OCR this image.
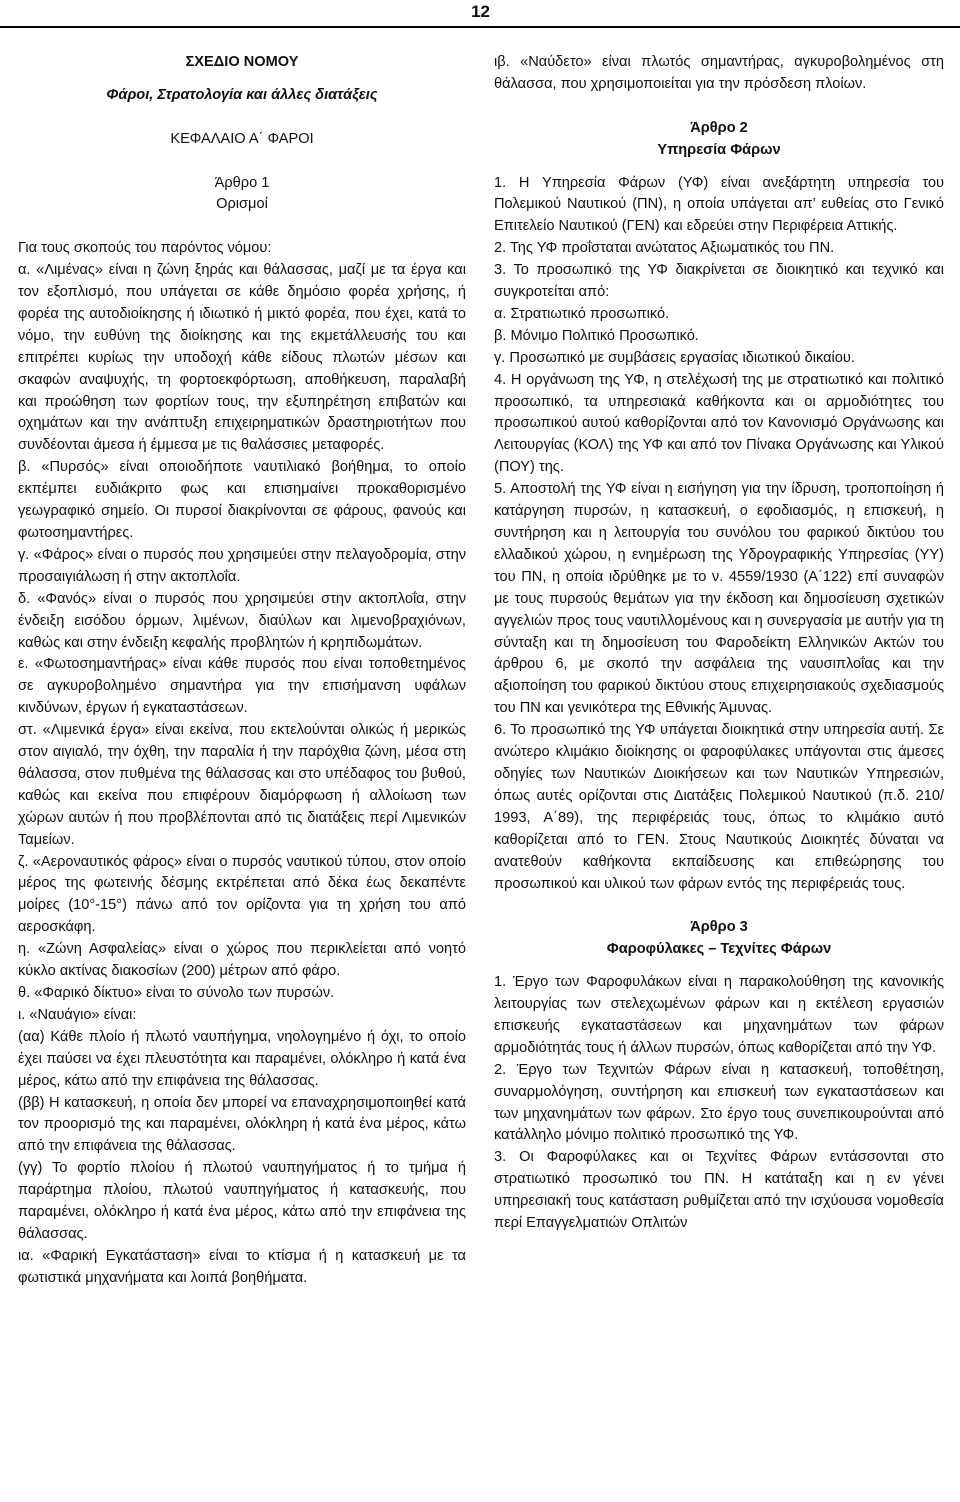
12

ΣΧΕΔΙΟ ΝΟΜΟΥ

Φάροι, Στρατολογία και άλλες διατάξεις

ΚΕΦΑΛΑΙΟ Α΄ ΦΑΡΟΙ

Άρθρο 1

Ορισμοί

Για τους σκοπούς του παρόντος νόμου:

α. «Λιμένας» είναι η ζώνη ξηράς και θάλασσας, μαζί με τα έργα και τον εξοπλισμό, που υπάγεται σε κάθε δημόσιο φορέα χρήσης, ή φορέα της αυτοδιοίκησης ή ιδιωτικό ή μικτό φορέα, που έχει, κατά το νόμο, την ευθύνη της διοίκησης και της εκμετάλλευσής του και επιτρέπει κυρίως την υποδοχή κάθε είδους πλωτών μέσων και σκαφών αναψυχής, τη φορτοεκφόρτωση, αποθήκευση, παραλαβή και προώθηση των φορτίων τους, την εξυπηρέτηση επιβατών και οχημάτων και την ανάπτυξη επιχειρηματικών δραστηριοτήτων που συνδέονται άμεσα ή έμμεσα με τις θαλάσσιες μεταφορές.

β. «Πυρσός» είναι οποιοδήποτε ναυτιλιακό βοήθημα, το οποίο εκπέμπει ευδιάκριτο φως και επισημαίνει προκαθορισμένο γεωγραφικό σημείο. Οι πυρσοί διακρίνονται σε φάρους, φανούς και φωτοσημαντήρες.

γ. «Φάρος» είναι ο πυρσός που χρησιμεύει στην πελαγοδρομία, στην προσαιγιάλωση ή στην ακτοπλοΐα.

δ. «Φανός» είναι ο πυρσός που χρησιμεύει στην ακτοπλοΐα, στην ένδειξη εισόδου όρμων, λιμένων, διαύλων και λιμενοβραχιόνων, καθώς και στην ένδειξη κεφαλής προβλητών ή κρηπιδωμάτων.

ε. «Φωτοσημαντήρας» είναι κάθε πυρσός που είναι τοποθετημένος σε αγκυροβολημένο σημαντήρα για την επισήμανση υφάλων κινδύνων, έργων ή εγκαταστάσεων.

στ. «Λιμενικά έργα» είναι εκείνα, που εκτελούνται ολικώς ή μερικώς στον αιγιαλό, την όχθη, την παραλία ή την παρόχθια ζώνη, μέσα στη θάλασσα, στον πυθμένα της θάλασσας και στο υπέδαφος του βυθού, καθώς και εκείνα που επιφέρουν διαμόρφωση ή αλλοίωση των χώρων αυτών ή που προβλέπονται από τις διατάξεις περί Λιμενικών Ταμείων.

ζ. «Αεροναυτικός φάρος» είναι ο πυρσός ναυτικού τύπου, στον οποίο μέρος της φωτεινής δέσμης εκτρέπεται από δέκα έως δεκαπέντε μοίρες (10°-15°) πάνω από τον ορίζοντα για τη χρήση του από αεροσκάφη.

η. «Ζώνη Ασφαλείας» είναι ο χώρος που περικλείεται από νοητό κύκλο ακτίνας διακοσίων (200) μέτρων από φάρο.

θ. «Φαρικό δίκτυο» είναι το σύνολο των πυρσών.

ι. «Ναυάγιο» είναι:

(αα) Κάθε πλοίο ή πλωτό ναυπήγημα, νηολογημένο ή όχι, το οποίο έχει παύσει να έχει πλευστότητα και παραμένει, ολόκληρο ή κατά ένα μέρος, κάτω από την επιφάνεια της θάλασσας.

(ββ) Η κατασκευή, η οποία δεν μπορεί να επαναχρησιμοποιηθεί κατά τον προορισμό της και παραμένει, ολόκληρη ή κατά ένα μέρος, κάτω από την επιφάνεια της θάλασσας.

(γγ) Το φορτίο πλοίου ή πλωτού ναυπηγήματος ή το τμήμα ή παράρτημα πλοίου, πλωτού ναυπηγήματος ή κατασκευής, που παραμένει, ολόκληρο ή κατά ένα μέρος, κάτω από την επιφάνεια της θάλασσας.

ια. «Φαρική Εγκατάσταση» είναι το κτίσμα ή η κατασκευή με τα φωτιστικά μηχανήματα και λοιπά βοηθήματα.

ιβ. «Ναύδετο» είναι πλωτός σημαντήρας, αγκυροβολημένος στη θάλασσα, που χρησιμοποιείται για την πρόσδεση πλοίων.

Άρθρο 2

Υπηρεσία Φάρων

1. Η Υπηρεσία Φάρων (ΥΦ) είναι ανεξάρτητη υπηρεσία του Πολεμικού Ναυτικού (ΠΝ), η οποία υπάγεται απ’ ευθείας στο Γενικό Επιτελείο Ναυτικού (ΓΕΝ) και εδρεύει στην Περιφέρεια Αττικής.

2. Της ΥΦ προΐσταται ανώτατος Αξιωματικός του ΠΝ.

3. Το προσωπικό της ΥΦ διακρίνεται σε διοικητικό και τεχνικό και συγκροτείται από:

α. Στρατιωτικό προσωπικό.

β. Μόνιμο Πολιτικό Προσωπικό.

γ. Προσωπικό με συμβάσεις εργασίας ιδιωτικού δικαίου.

4. Η οργάνωση της ΥΦ, η στελέχωσή της με στρατιωτικό και πολιτικό προσωπικό, τα υπηρεσιακά καθήκοντα και οι αρμοδιότητες του προσωπικού αυτού καθορίζονται από τον Κανονισμό Οργάνωσης και Λειτουργίας (ΚΟΛ) της ΥΦ και από τον Πίνακα Οργάνωσης και Υλικού (ΠΟΥ) της.

5. Αποστολή της ΥΦ είναι η εισήγηση για την ίδρυση, τροποποίηση ή κατάργηση πυρσών, η κατασκευή, ο εφοδιασμός, η επισκευή, η συντήρηση και η λειτουργία του συνόλου του φαρικού δικτύου του ελλαδικού χώρου, η ενημέρωση της Υδρογραφικής Υπηρεσίας (ΥΥ) του ΠΝ, η οποία ιδρύθηκε με το ν. 4559/1930 (Α΄122) επί συναφών με τους πυρσούς θεμάτων για την έκδοση και δημοσίευση σχετικών αγγελιών προς τους ναυτιλλομένους και η συνεργασία με αυτήν για τη σύνταξη και τη δημοσίευση του Φαροδείκτη Ελληνικών Ακτών του άρθρου 6, με σκοπό την ασφάλεια της ναυσιπλοΐας και την αξιοποίηση του φαρικού δικτύου στους επιχειρησιακούς σχεδιασμούς του ΠΝ και γενικότερα της Εθνικής Άμυνας.

6. Το προσωπικό της ΥΦ υπάγεται διοικητικά στην υπηρεσία αυτή. Σε ανώτερο κλιμάκιο διοίκησης οι φαροφύλακες υπάγονται στις άμεσες οδηγίες των Ναυτικών Διοικήσεων και των Ναυτικών Υπηρεσιών, όπως αυτές ορίζονται στις Διατάξεις Πολεμικού Ναυτικού (π.δ. 210/ 1993, Α΄89), της περιφέρειάς τους, όπως το κλιμάκιο αυτό καθορίζεται από το ΓΕΝ. Στους Ναυτικούς Διοικητές δύναται να ανατεθούν καθήκοντα εκπαίδευσης και επιθεώρησης του προσωπικού και υλικού των φάρων εντός της περιφέρειάς τους.

Άρθρο 3

Φαροφύλακες – Τεχνίτες Φάρων

1. Έργο των Φαροφυλάκων είναι η παρακολούθηση της κανονικής λειτουργίας των στελεχωμένων φάρων και η εκτέλεση εργασιών επισκευής εγκαταστάσεων και μηχανημάτων των φάρων αρμοδιότητάς τους ή άλλων πυρσών, όπως καθορίζεται από την ΥΦ.

2. Έργο των Τεχνιτών Φάρων είναι η κατασκευή, τοποθέτηση, συναρμολόγηση, συντήρηση και επισκευή των εγκαταστάσεων και των μηχανημάτων των φάρων. Στο έργο τους συνεπικουρούνται από κατάλληλο μόνιμο πολιτικό προσωπικό της ΥΦ.

3. Οι Φαροφύλακες και οι Τεχνίτες Φάρων εντάσσονται στο στρατιωτικό προσωπικό του ΠΝ. Η κατάταξη και η εν γένει υπηρεσιακή τους κατάσταση ρυθμίζεται από την ισχύουσα νομοθεσία περί Επαγγελματιών Οπλιτών
